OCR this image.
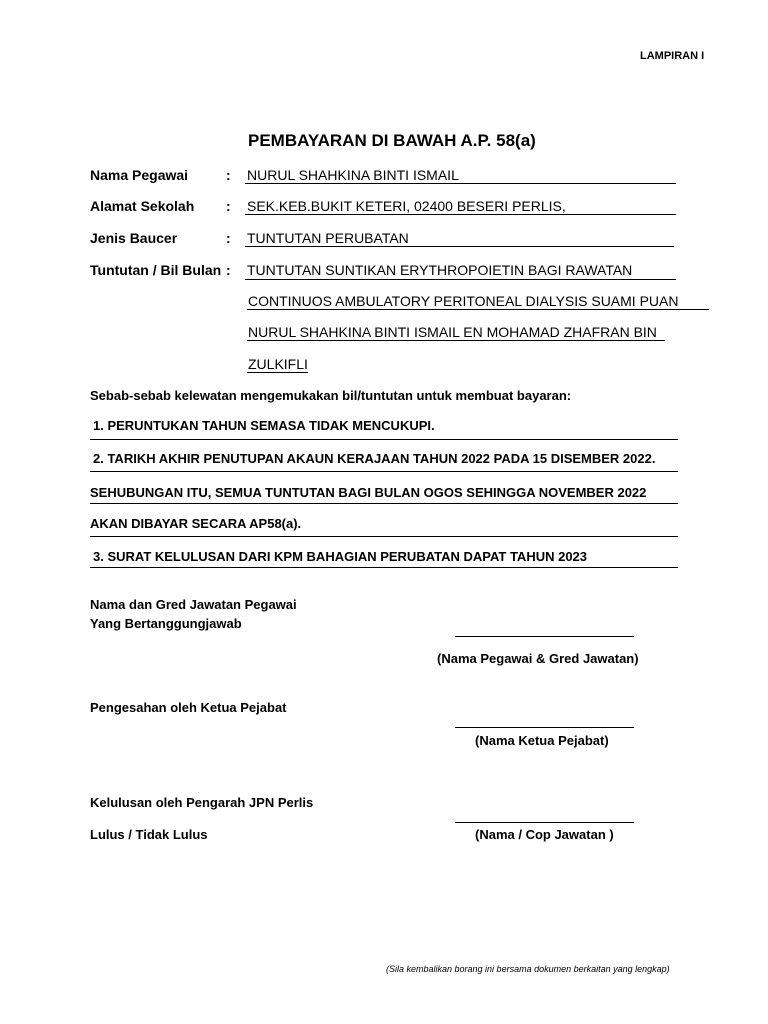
LAMPIRAN I
PEMBAYARAN DI BAWAH A.P. 58(a)
Nama Pegawai	: NURUL SHAHKINA BINTI ISMAIL
Alamat Sekolah : SEK.KEB.BUKIT KETERI, 02400 BESERI PERLIS,
Jenis Baucer	: TUNTUTAN PERUBATAN
Tuntutan / Bil Bulan : TUNTUTAN SUNTIKAN ERYTHROPOIETIN BAGI RAWATAN
CONTINUOS AMBULATORY PERITONEAL DIALYSIS SUAMI PUAN
NURUL SHAHKINA BINTI ISMAIL EN MOHAMAD ZHAFRAN BIN
ZULKIFLI
Sebab-sebab kelewatan mengemukakan bil/tuntutan untuk membuat bayaran:
1. PERUNTUKAN TAHUN SEMASA TIDAK MENCUKUPI.
2. TARIKH AKHIR PENUTUPAN AKAUN KERAJAAN TAHUN 2022 PADA 15 DISEMBER 2022.
SEHUBUNGAN ITU, SEMUA TUNTUTAN BAGI BULAN OGOS SEHINGGA NOVEMBER 2022
AKAN DIBAYAR SECARA AP58(a).
3. SURAT KELULUSAN DARI KPM BAHAGIAN PERUBATAN DAPAT TAHUN 2023
Nama dan Gred Jawatan Pegawai
Yang Bertanggungjawab
(Nama Pegawai & Gred Jawatan)
Pengesahan oleh Ketua Pejabat
(Nama Ketua Pejabat)
Kelulusan oleh Pengarah JPN Perlis
Lulus / Tidak Lulus	(Nama / Cop Jawatan )
(Sila kembalikan borang ini bersama dokumen berkaitan yang lengkap)
